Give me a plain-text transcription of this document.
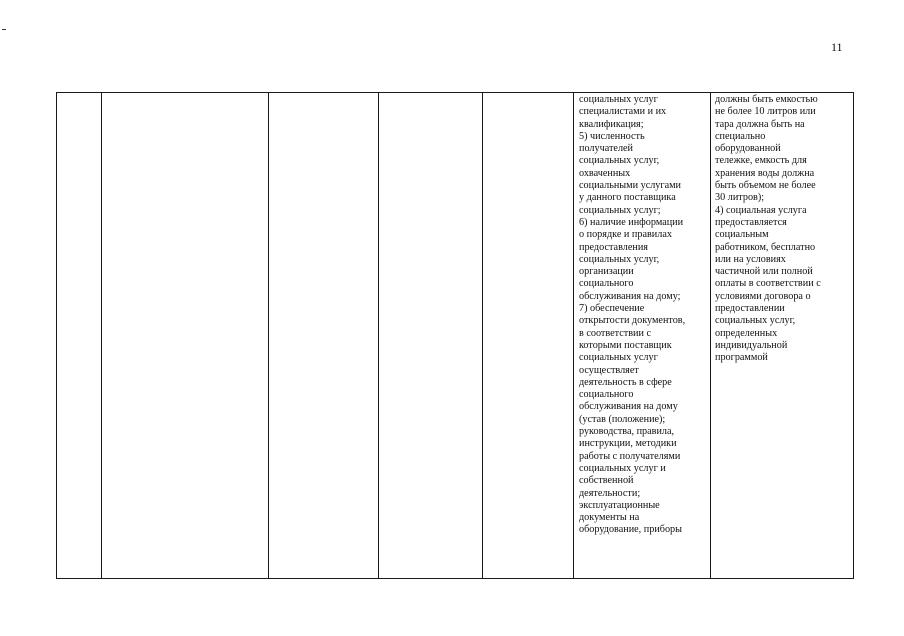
11

социальных услуг
специалистами и их
квалификация;
5) численность
получателей
социальных услуг,
охваченных
социальными услугами
у данного поставщика
социальных услуг;
6) наличие информации
о порядке и правилах
предоставления
социальных услуг,
организации
социального
обслуживания на дому;
7) обеспечение
открытости документов,
в соответствии с
которыми поставщик
социальных услуг
осуществляет
деятельность в сфере
социального
обслуживания на дому
(устав (положение);
руководства, правила,
инструкции, методики
работы с получателями
социальных услуг и
собственной
деятельности;
эксплуатационные
документы на
оборудование, приборы

должны быть емкостью
не более 10 литров или
тара должна быть на
специально
оборудованной
тележке, емкость для
хранения воды должна
быть объемом не более
30 литров);
4) социальная услуга
предоставляется
социальным
работником, бесплатно
или на условиях
частичной или полной
оплаты в соответствии с
условиями договора о
предоставлении
социальных услуг,
определенных
индивидуальной
программой
